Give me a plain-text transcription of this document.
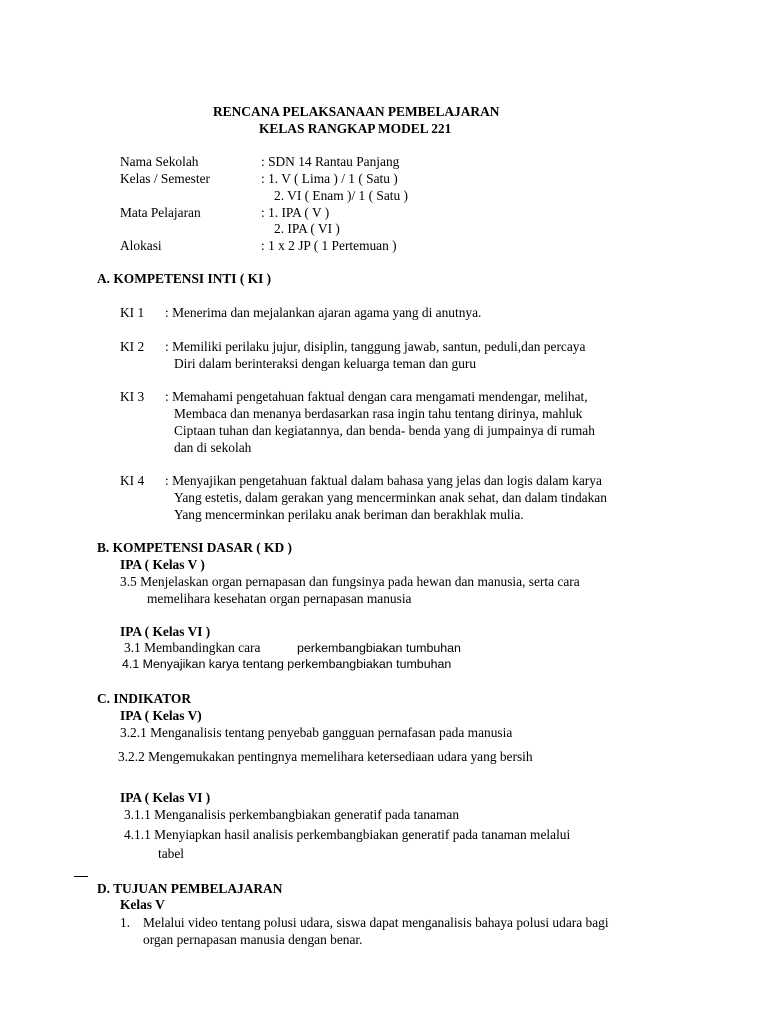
RENCANA PELAKSANAAN PEMBELAJARAN
KELAS RANGKAP MODEL 221
Nama Sekolah	: SDN 14 Rantau Panjang
Kelas / Semester	: 1. V ( Lima ) / 1 ( Satu )
2. VI ( Enam )/ 1 ( Satu )
Mata Pelajaran	: 1. IPA ( V )
2. IPA ( VI )
Alokasi	: 1 x 2 JP ( 1 Pertemuan )
A. KOMPETENSI INTI ( KI )
KI 1 : Menerima dan mejalankan ajaran agama yang di anutnya.
KI 2 : Memiliki perilaku jujur, disiplin, tanggung jawab, santun, peduli,dan percaya
Diri dalam berinteraksi dengan keluarga teman dan guru
KI 3 : Memahami pengetahuan faktual dengan cara mengamati mendengar, melihat,
Membaca dan menanya berdasarkan rasa ingin tahu tentang dirinya, mahluk
Ciptaan tuhan dan kegiatannya, dan benda- benda yang di jumpainya di rumah
dan di sekolah
KI 4 : Menyajikan pengetahuan faktual dalam bahasa yang jelas dan logis dalam karya
Yang estetis, dalam gerakan yang mencerminkan anak sehat, dan dalam tindakan
Yang mencerminkan perilaku anak beriman dan berakhlak mulia.
B. KOMPETENSI DASAR ( KD )
IPA ( Kelas V )
3.5 Menjelaskan organ pernapasan dan fungsinya pada hewan dan manusia, serta cara
memelihara kesehatan organ pernapasan manusia
IPA ( Kelas VI )
3.1 Membandingkan cara	perkembangbiakan tumbuhan
4.1 Menyajikan karya tentang perkembangbiakan tumbuhan
C. INDIKATOR
IPA ( Kelas V)
3.2.1 Menganalisis tentang penyebab gangguan pernafasan pada manusia
3.2.2 Mengemukakan pentingnya memelihara ketersediaan udara yang bersih
IPA ( Kelas VI )
3.1.1 Menganalisis perkembangbiakan generatif pada tanaman
4.1.1 Menyiapkan hasil analisis perkembangbiakan generatif pada tanaman melalui
tabel
D. TUJUAN PEMBELAJARAN
Kelas V
1. Melalui video tentang polusi udara, siswa dapat menganalisis bahaya polusi udara bagi
organ pernapasan manusia dengan benar.
